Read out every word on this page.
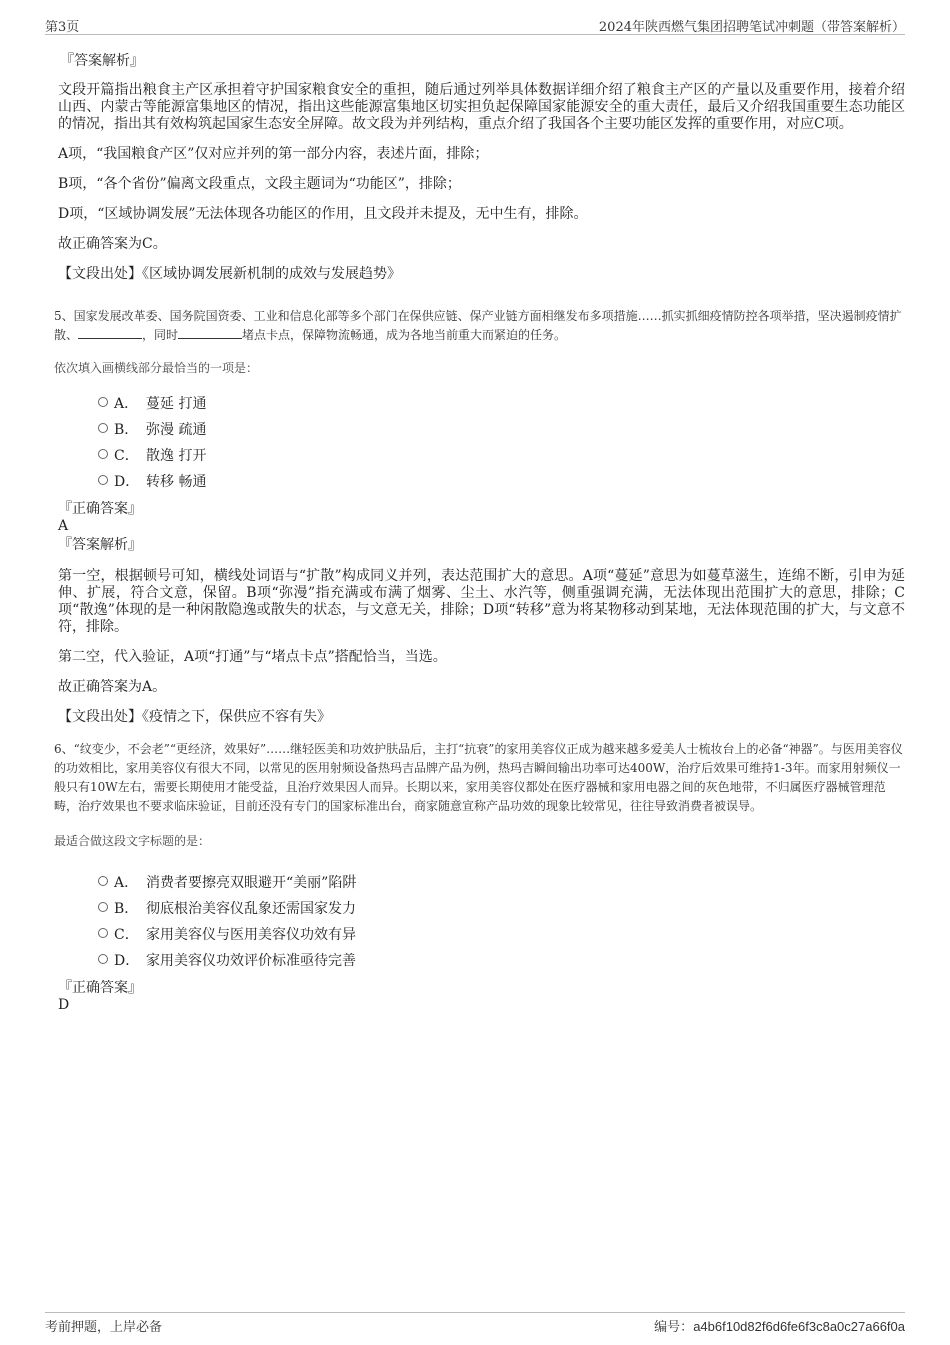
第3页	2024年陕西燃气集团招聘笔试冲刺题（带答案解析）

『答案解析』

文段开篇指出粮食主产区承担着守护国家粮食安全的重担，随后通过列举具体数据详细介绍了粮食主产区的产量以及重要作用，接着介绍山西、内蒙古等能源富集地区的情况，指出这些能源富集地区切实担负起保障国家能源安全的重大责任，最后又介绍我国重要生态功能区的情况，指出其有效构筑起国家生态安全屏障。故文段为并列结构，重点介绍了我国各个主要功能区发挥的重要作用，对应C项。

A项，“我国粮食产区”仅对应并列的第一部分内容，表述片面，排除；

B项，“各个省份”偏离文段重点，文段主题词为“功能区”，排除；

D项，“区域协调发展”无法体现各功能区的作用，且文段并未提及，无中生有，排除。

故正确答案为C。

【文段出处】《区域协调发展新机制的成效与发展趋势》

5、国家发展改革委、国务院国资委、工业和信息化部等多个部门在保供应链、保产业链方面相继发布多项措施……抓实抓细疫情防控各项举措，坚决遏制疫情扩散、	，同时	堵点卡点，保障物流畅通，成为各地当前重大而紧迫的任务。

依次填入画横线部分最恰当的一项是：

A． 蔓延 打通
B． 弥漫 疏通
C． 散逸 打开
D． 转移 畅通

『正确答案』

A

『答案解析』

第一空，根据顿号可知，横线处词语与“扩散”构成同义并列，表达范围扩大的意思。A项“蔓延”意思为如蔓草滋生，连绵不断，引申为延伸、扩展，符合文意，保留。B项“弥漫”指充满或布满了烟雾、尘土、水汽等，侧重强调充满，无法体现出范围扩大的意思，排除；C项“散逸”体现的是一种闲散隐逸或散失的状态，与文意无关，排除；D项“转移”意为将某物移动到某地，无法体现范围的扩大，与文意不符，排除。

第二空，代入验证，A项“打通”与“堵点卡点”搭配恰当，当选。

故正确答案为A。

【文段出处】《疫情之下，保供应不容有失》

6、“纹变少，不会老”“更经济，效果好”……继轻医美和功效护肤品后，主打“抗衰”的家用美容仪正成为越来越多爱美人士梳妆台上的必备“神器”。与医用美容仪的功效相比，家用美容仪有很大不同，以常见的医用射频设备热玛吉品牌产品为例，热玛吉瞬间输出功率可达400W，治疗后效果可维持1-3年。而家用射频仪一般只有10W左右，需要长期使用才能受益，且治疗效果因人而异。长期以来，家用美容仪都处在医疗器械和家用电器之间的灰色地带，不归属医疗器械管理范畴，治疗效果也不要求临床验证，目前还没有专门的国家标准出台，商家随意宣称产品功效的现象比较常见，往往导致消费者被误导。

最适合做这段文字标题的是：

A． 消费者要擦亮双眼避开“美丽”陷阱
B． 彻底根治美容仪乱象还需国家发力
C． 家用美容仪与医用美容仪功效有异
D． 家用美容仪功效评价标准亟待完善

『正确答案』

D

考前押题，上岸必备	编号：a4b6f10d82f6d6fe6f3c8a0c27a66f0a
